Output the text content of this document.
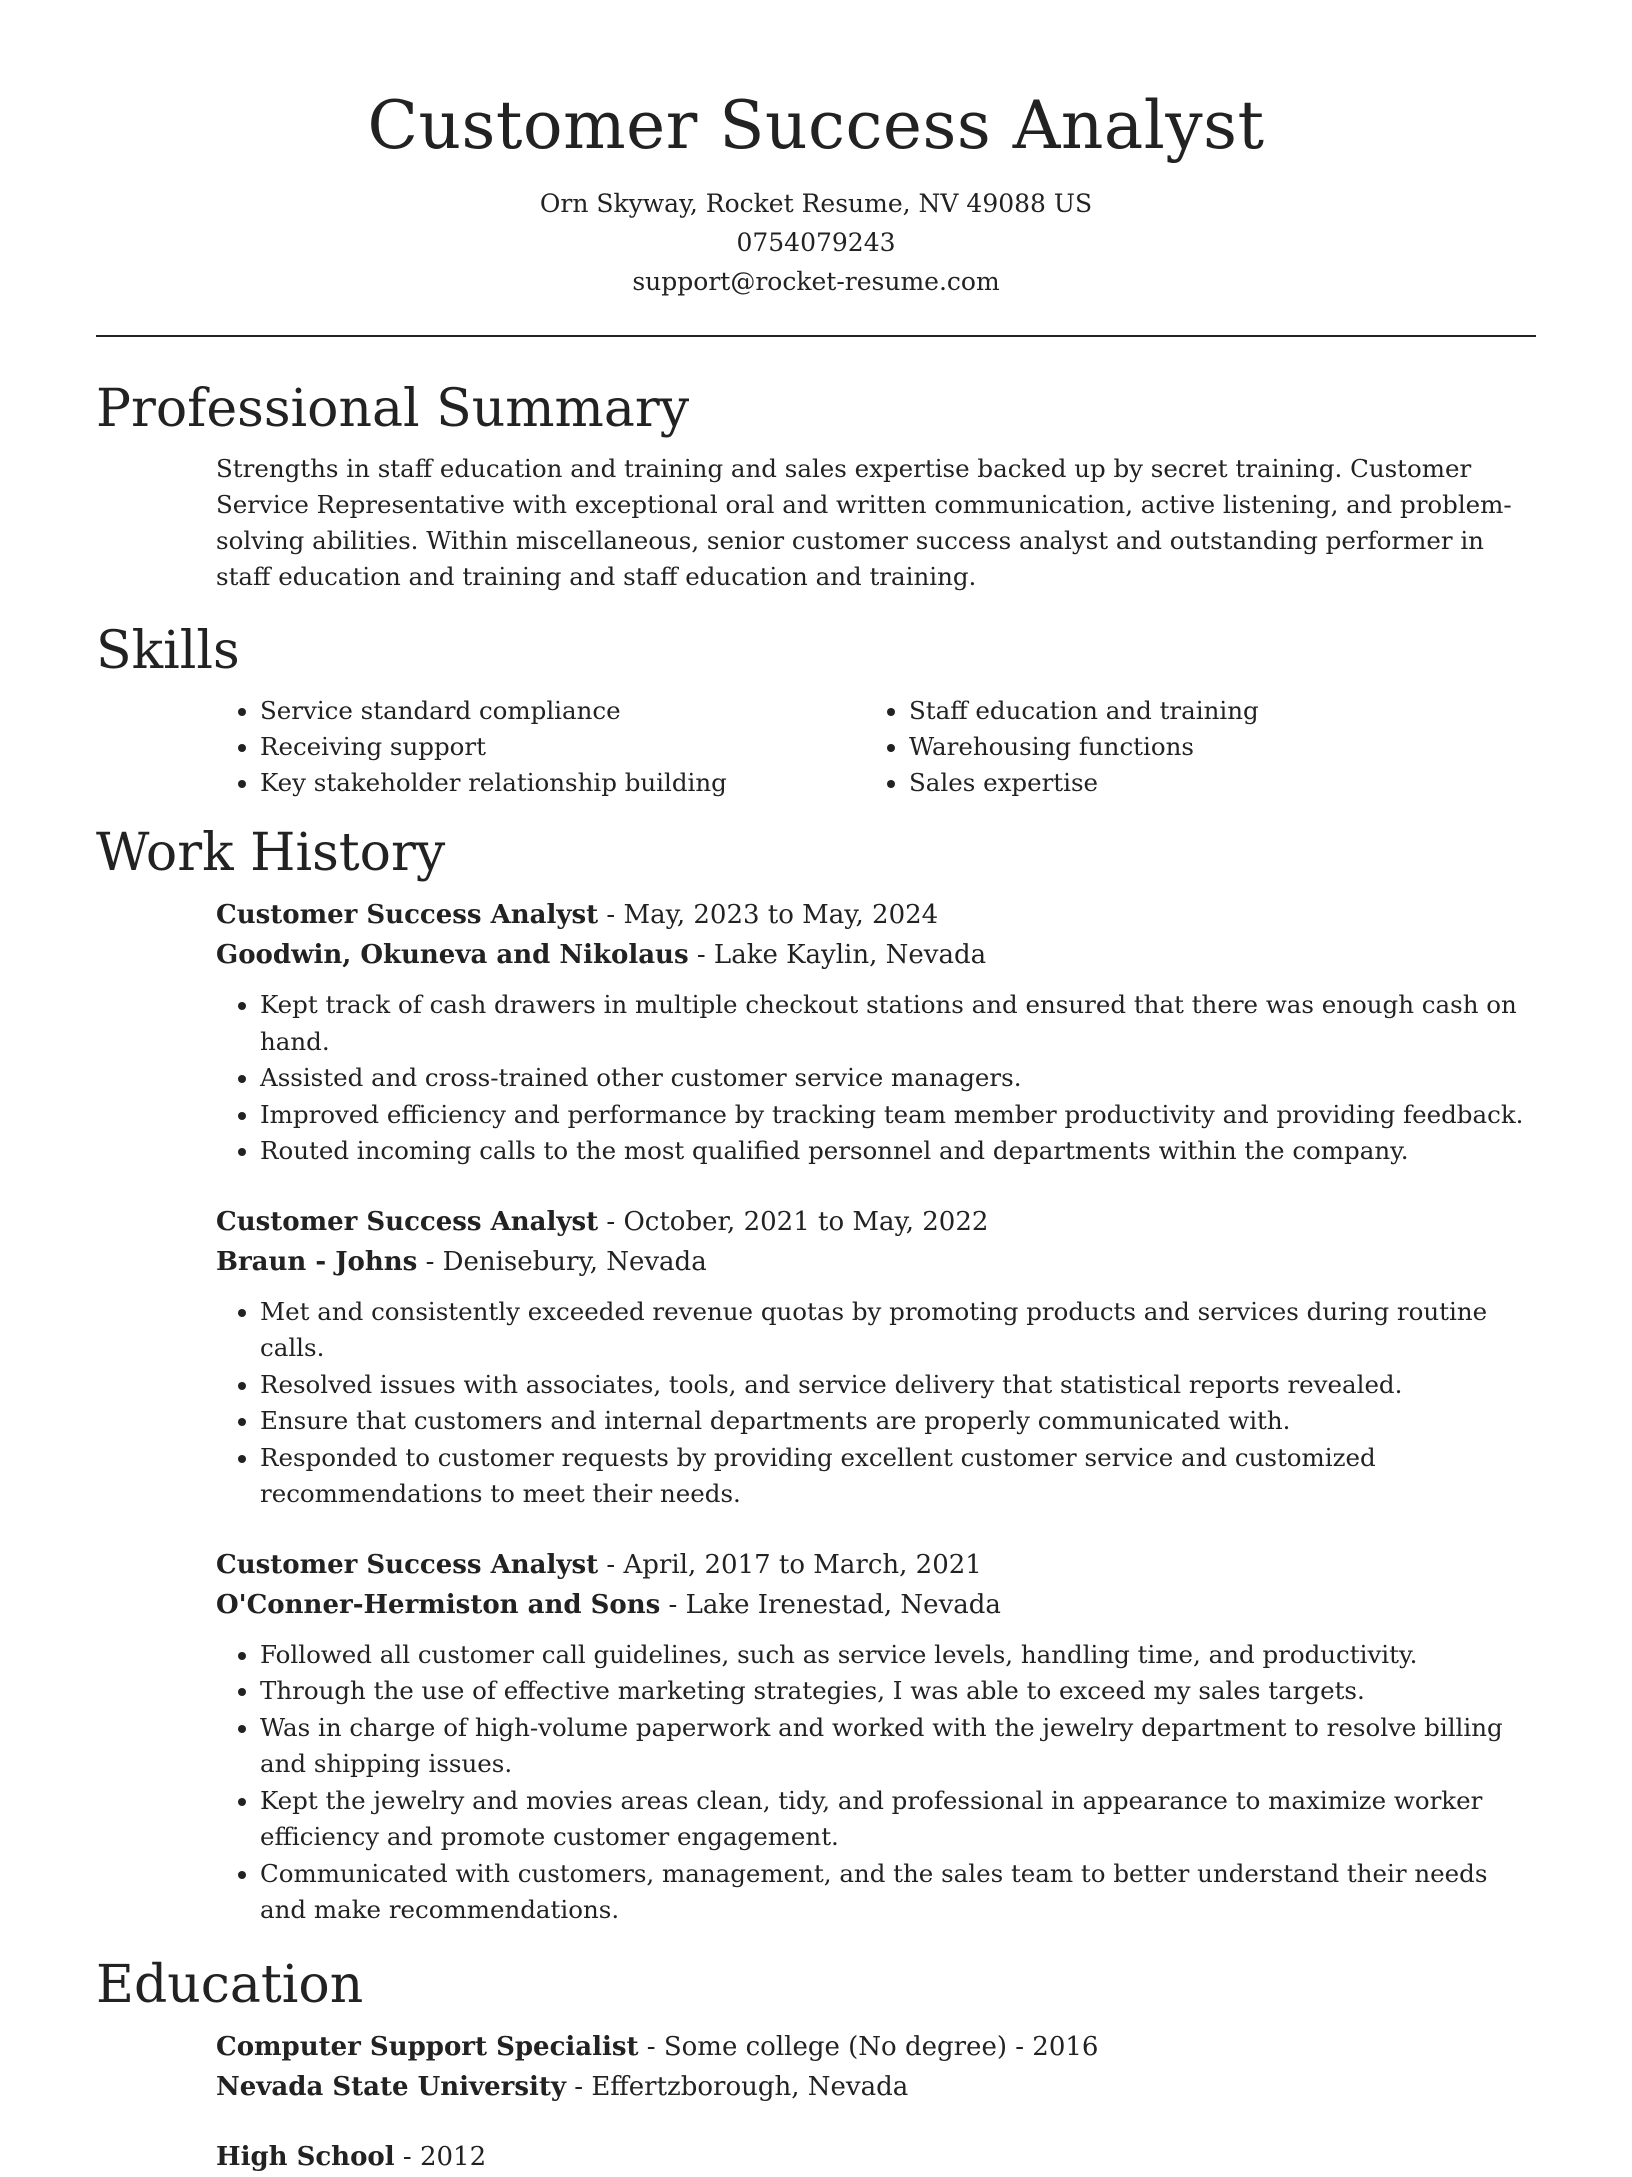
Customer Success Analyst
Orn Skyway, Rocket Resume, NV 49088 US
0754079243
support@rocket-resume.com
Professional Summary
Strengths in staff education and training and sales expertise backed up by secret training. Customer Service Representative with exceptional oral and written communication, active listening, and problem-solving abilities. Within miscellaneous, senior customer success analyst and outstanding performer in staff education and training and staff education and training.
Skills
• Service standard compliance
• Receiving support
• Key stakeholder relationship building
• Staff education and training
• Warehousing functions
• Sales expertise
Work History
Customer Success Analyst - May, 2023 to May, 2024
Goodwin, Okuneva and Nikolaus - Lake Kaylin, Nevada
• Kept track of cash drawers in multiple checkout stations and ensured that there was enough cash on hand.
• Assisted and cross-trained other customer service managers.
• Improved efficiency and performance by tracking team member productivity and providing feedback.
• Routed incoming calls to the most qualified personnel and departments within the company.
Customer Success Analyst - October, 2021 to May, 2022
Braun - Johns - Denisebury, Nevada
• Met and consistently exceeded revenue quotas by promoting products and services during routine calls.
• Resolved issues with associates, tools, and service delivery that statistical reports revealed.
• Ensure that customers and internal departments are properly communicated with.
• Responded to customer requests by providing excellent customer service and customized recommendations to meet their needs.
Customer Success Analyst - April, 2017 to March, 2021
O'Conner-Hermiston and Sons - Lake Irenestad, Nevada
• Followed all customer call guidelines, such as service levels, handling time, and productivity.
• Through the use of effective marketing strategies, I was able to exceed my sales targets.
• Was in charge of high-volume paperwork and worked with the jewelry department to resolve billing and shipping issues.
• Kept the jewelry and movies areas clean, tidy, and professional in appearance to maximize worker efficiency and promote customer engagement.
• Communicated with customers, management, and the sales team to better understand their needs and make recommendations.
Education
Computer Support Specialist - Some college (No degree) - 2016
Nevada State University - Effertzborough, Nevada
High School - 2012
